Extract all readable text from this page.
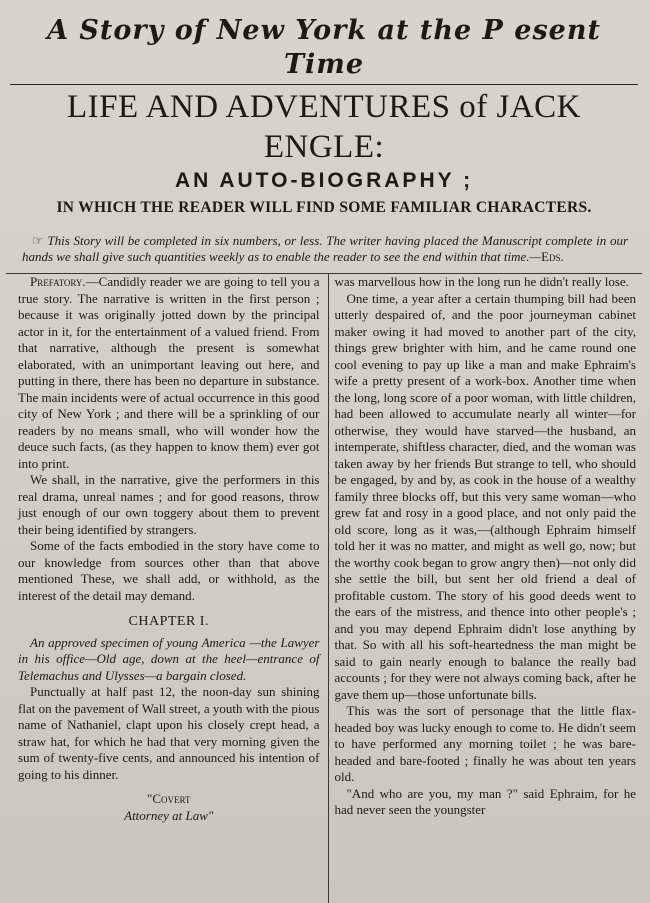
A Story of New York at the P esent Time
LIFE AND ADVENTURES of JACK ENGLE:
AN AUTO-BIOGRAPHY ;
IN WHICH THE READER WILL FIND SOME FAMILIAR CHARACTERS.
☞ This Story will be completed in six numbers, or less. The writer having placed the Manuscript complete in our hands we shall give such quantities weekly as to enable the reader to see the end within that time.—Eds.

Prefatory.—Candidly reader we are going to tell you a true story. The narrative is written in the first person ; because it was originally jotted down by the principal actor in it, for the entertainment of a valued friend. From that narrative, although the present is somewhat elaborated, with an unimportant leaving out here, and putting in there, there has been no departure in substance. The main incidents were of actual occurrence in this good city of New York ; and there will be a sprinkling of our readers by no means small, who will wonder how the deuce such facts, (as they happen to know them) ever got into print.

We shall, in the narrative, give the performers in this real drama, unreal names ; and for good reasons, throw just enough of our own toggery about them to prevent their being identified by strangers.

Some of the facts embodied in the story have come to our knowledge from sources other than that above mentioned These, we shall add, or withhold, as the interest of the detail may demand.

CHAPTER I.

An approved specimen of young America —the Lawyer in his office—Old age, down at the heel—entrance of Telemachus and Ulysses—a bargain closed.

Punctually at half past 12, the noon-day sun shining flat on the pavement of Wall street, a youth with the pious name of Nathaniel, clapt upon his closely crept head, a straw hat, for which he had that very morning given the sum of twenty-five cents, and announced his intention of going to his dinner.

"Covert
Attorney at Law"

was marvellous how in the long run he didn't really lose.

One time, a year after a certain thumping bill had been utterly despaired of, and the poor journeyman cabinet maker owing it had moved to another part of the city, things grew brighter with him, and he came round one cool evening to pay up like a man and make Ephraim's wife a pretty present of a work-box. Another time when the long, long score of a poor woman, with little children, had been allowed to accumulate nearly all winter—for otherwise, they would have starved—the husband, an intemperate, shiftless character, died, and the woman was taken away by her friends But strange to tell, who should be engaged, by and by, as cook in the house of a wealthy family three blocks off, but this very same woman—who grew fat and rosy in a good place, and not only paid the old score, long as it was,—(although Ephraim himself told her it was no matter, and might as well go, now; but the worthy cook began to grow angry then)—not only did she settle the bill, but sent her old friend a deal of profitable custom. The story of his good deeds went to the ears of the mistress, and thence into other people's ; and you may depend Ephraim didn't lose anything by that. So with all his soft-heartedness the man might be said to gain nearly enough to balance the really bad accounts ; for they were not always coming back, after he gave them up—those unfortunate bills.

This was the sort of personage that the little flax-headed boy was lucky enough to come to. He didn't seem to have performed any morning toilet ; he was bare-headed and bare-footed ; finally he was about ten years old.

"And who are you, my man ?" said Ephraim, for he had never seen the youngster
